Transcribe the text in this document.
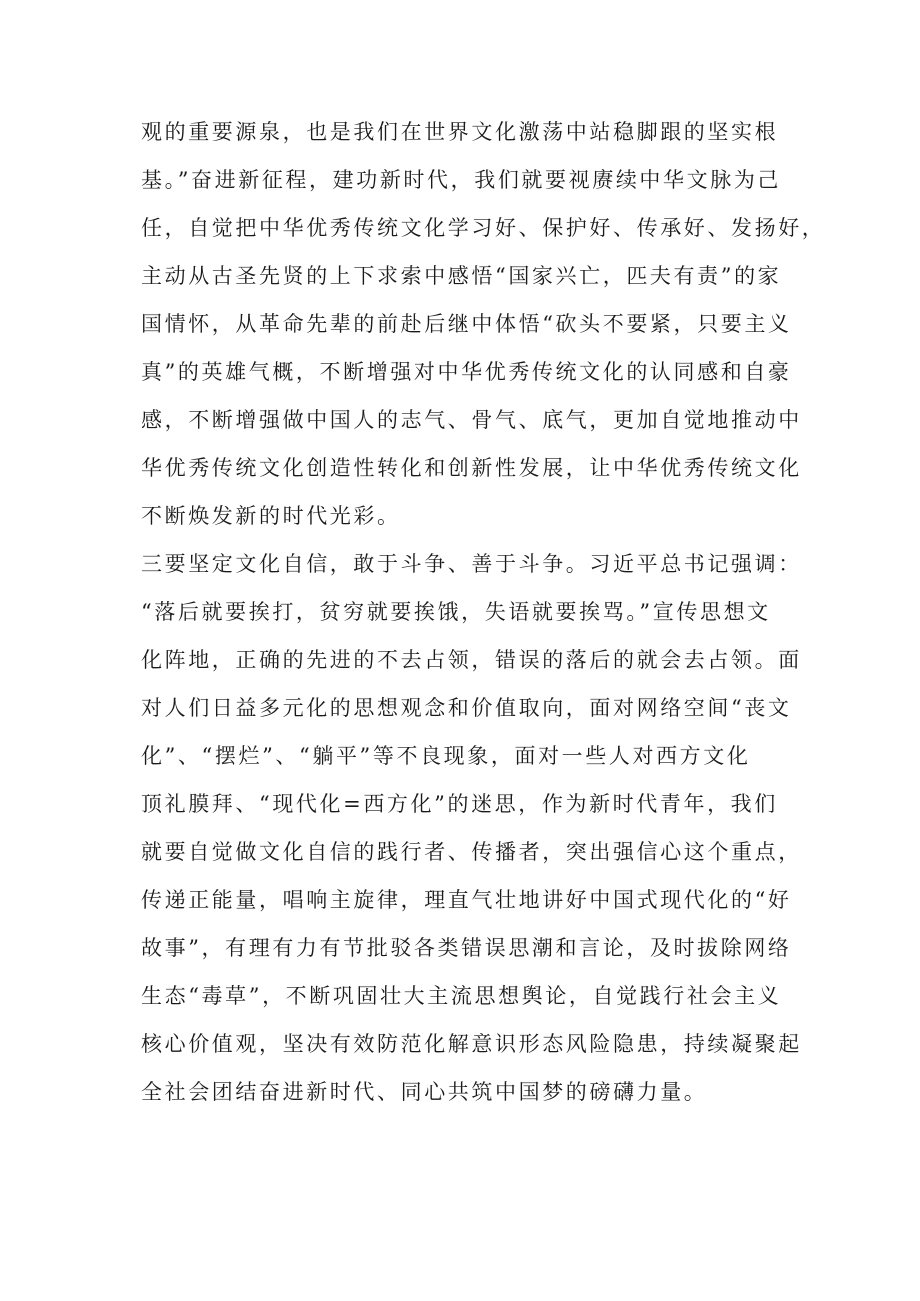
观的重要源泉，也是我们在世界文化激荡中站稳脚跟的坚实根
基。”奋进新征程，建功新时代，我们就要视赓续中华文脉为己
任，自觉把中华优秀传统文化学习好、保护好、传承好、发扬好，
主动从古圣先贤的上下求索中感悟“国家兴亡，匹夫有责”的家
国情怀，从革命先辈的前赴后继中体悟“砍头不要紧，只要主义
真”的英雄气概，不断增强对中华优秀传统文化的认同感和自豪
感，不断增强做中国人的志气、骨气、底气，更加自觉地推动中
华优秀传统文化创造性转化和创新性发展，让中华优秀传统文化
不断焕发新的时代光彩。
三要坚定文化自信，敢于斗争、善于斗争。习近平总书记强调：
“落后就要挨打，贫穷就要挨饿，失语就要挨骂。”宣传思想文
化阵地，正确的先进的不去占领，错误的落后的就会去占领。面
对人们日益多元化的思想观念和价值取向，面对网络空间“丧文
化”、“摆烂”、“躺平”等不良现象，面对一些人对西方文化
顶礼膜拜、“现代化=西方化”的迷思，作为新时代青年，我们
就要自觉做文化自信的践行者、传播者，突出强信心这个重点，
传递正能量，唱响主旋律，理直气壮地讲好中国式现代化的“好
故事”，有理有力有节批驳各类错误思潮和言论，及时拔除网络
生态“毒草”，不断巩固壮大主流思想舆论，自觉践行社会主义
核心价值观，坚决有效防范化解意识形态风险隐患，持续凝聚起
全社会团结奋进新时代、同心共筑中国梦的磅礴力量。
